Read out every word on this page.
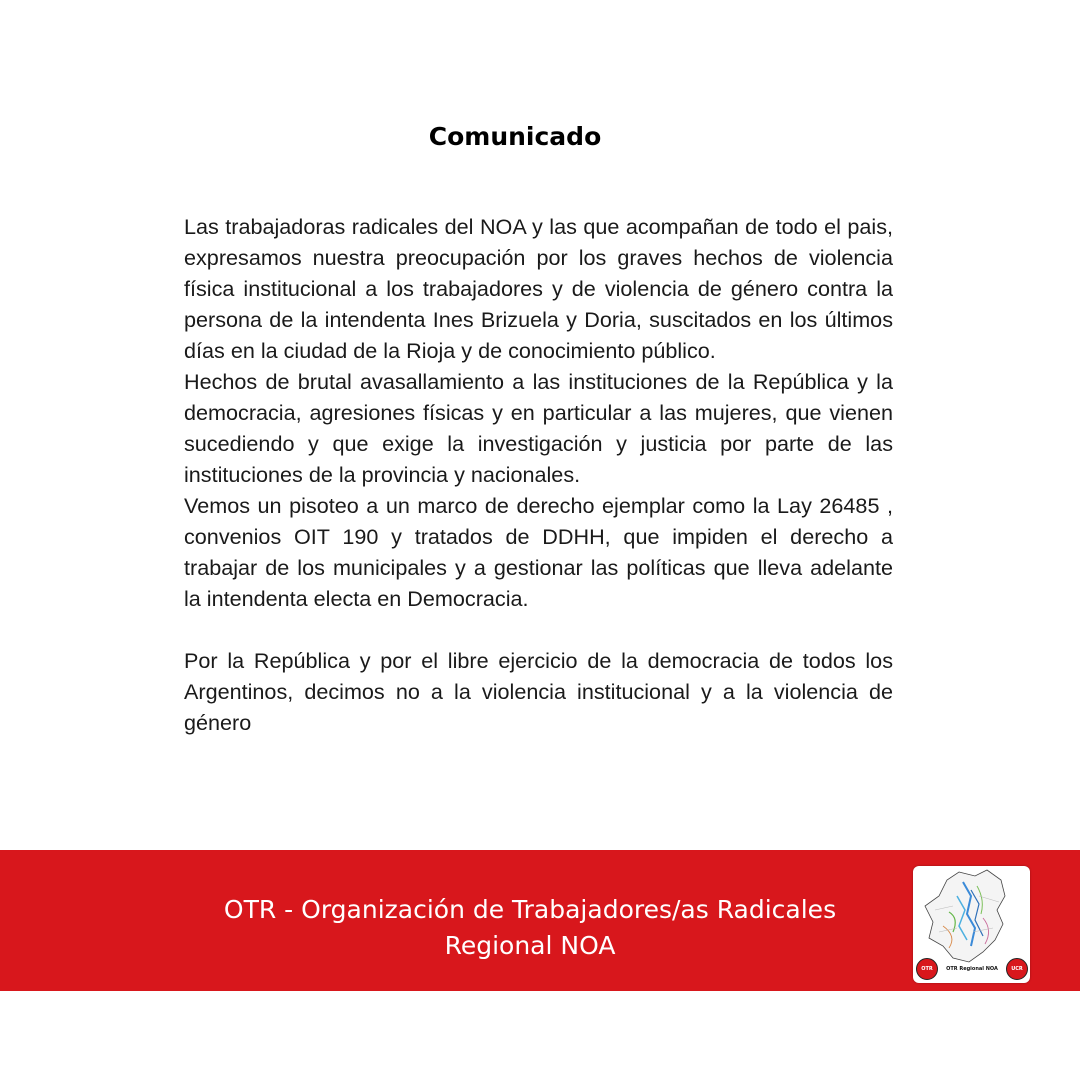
Comunicado

Las trabajadoras radicales del NOA y las que acompañan de todo el pais, expresamos nuestra preocupación por los graves hechos de violencia física institucional a los trabajadores y de violencia de género contra la persona de la intendenta Ines Brizuela y Doria, suscitados en los últimos días en la ciudad de la Rioja y de conocimiento público.

Hechos de brutal avasallamiento a las instituciones de la República y la democracia, agresiones físicas y en particular a las mujeres, que vienen sucediendo y que exige la investigación y justicia por parte de las instituciones de la provincia y nacionales.

Vemos un pisoteo a un marco de derecho ejemplar como la Lay 26485 , convenios OIT 190 y tratados de DDHH, que impiden el derecho a trabajar de los municipales y a gestionar las políticas que lleva adelante la intendenta electa en Democracia.

Por la República y por el libre ejercicio de la democracia de todos los Argentinos, decimos no a la violencia institucional y a la violencia de género

OTR - Organización de Trabajadores/as Radicales
Regional NOA
OTR	OTR Regional NOA	UCR
